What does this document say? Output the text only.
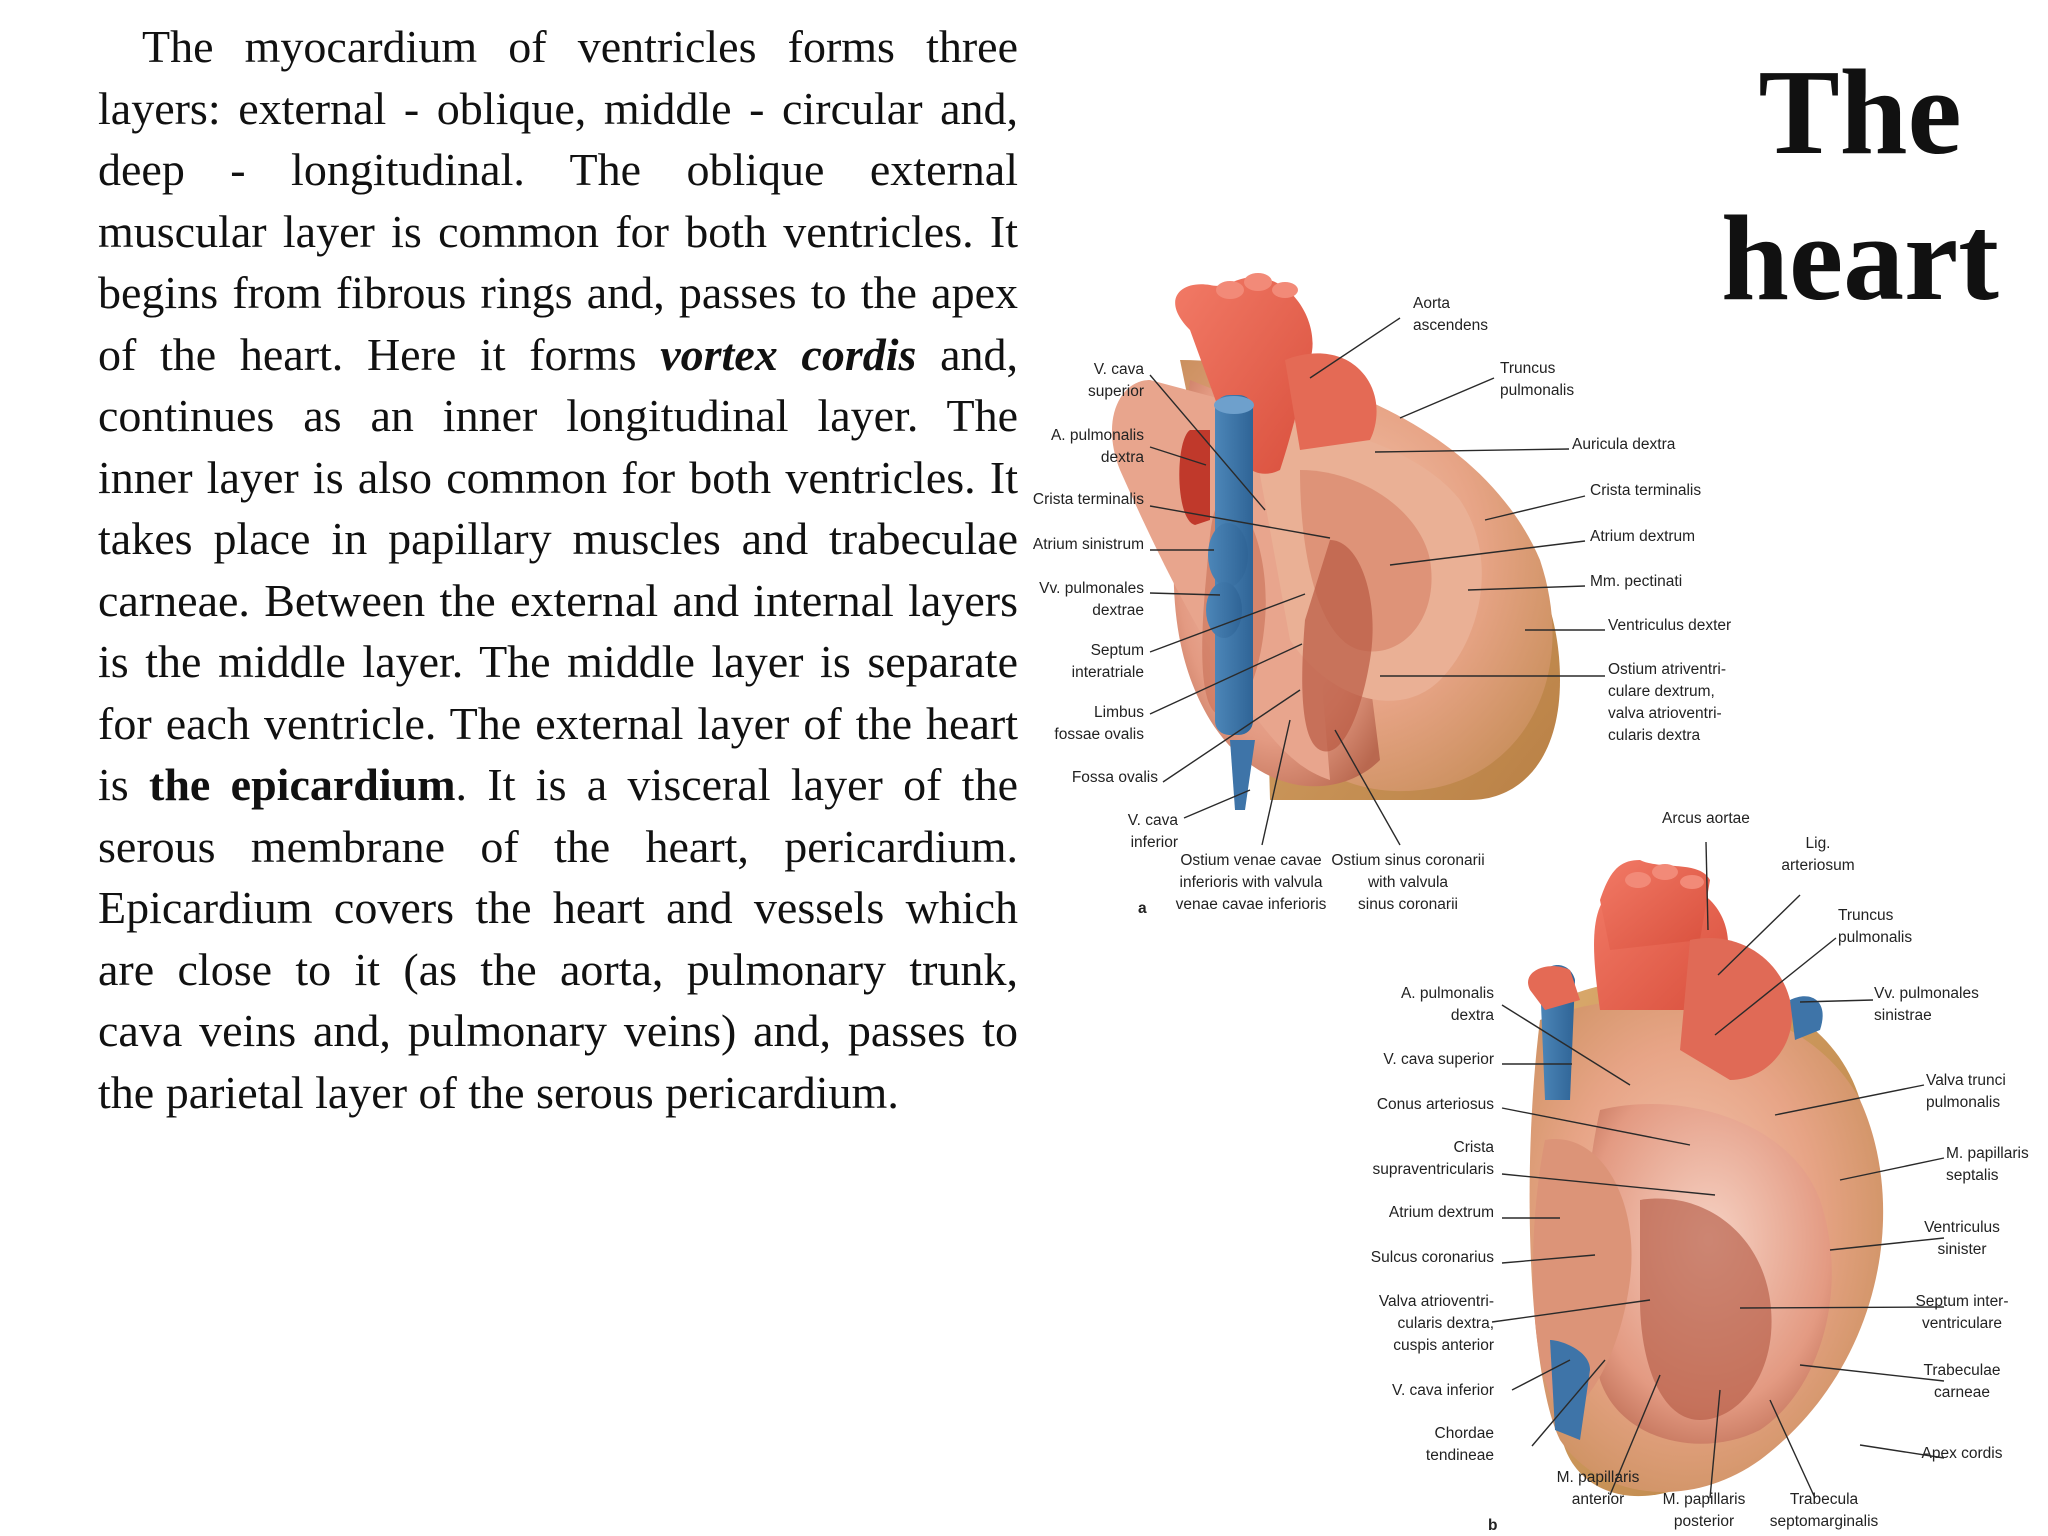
The myocardium of ventricles forms three layers: external - oblique, middle - circular and, deep - longitudinal. The oblique external muscular layer is common for both ventricles. It begins from fibrous rings and, passes to the apex of the heart. Here it forms vortex cordis and, continues as an inner longitudinal layer. The inner layer is also common for both ventricles. It takes place in papillary muscles and trabeculae carneae. Between the external and internal layers is the middle layer. The middle layer is separate for each ventricle. The external layer of the heart is the epicardium. It is a visceral layer of the serous membrane of the heart, pericardium. Epicardium covers the heart and vessels which are close to it (as the aorta, pulmonary trunk, cava veins and, pulmonary veins) and, passes to the parietal layer of the serous pericardium.

The heart
Aorta ascendens
V. cava superior
Truncus pulmonalis
A. pulmonalis dextra
Auricula dextra
Crista terminalis
Crista terminalis
Atrium sinistrum	Atrium dextrum
Vv. pulmonales dextrae
Mm. pectinati
Ventriculus dexter
Septum interatriale	Ostium atriventri-culare dextrum, valva atrioventri-cularis dextra
Limbus fossae ovalis
Fossa ovalis
V. cava inferior
Ostium venae cavae inferioris with valvula venae cavae inferioris
Ostium sinus coronarii with valvula sinus coronarii
Arcus aortae
Lig. arteriosum
Truncus pulmonalis
A. pulmonalis dextra
Vv. pulmonales sinistrae
V. cava superior
Valva trunci pulmonalis
Conus arteriosus
Crista supraventricularis
M. papillaris septalis
Atrium dextrum
Ventriculus sinister
Sulcus coronarius
Valva atrioventri-cularis dextra, cuspis anterior
Septum inter-ventriculare
Trabeculae carneae
V. cava inferior
Apex cordis
Chordae tendineae
M. papillaris anterior	M. papillaris posterior
Trabecula septomarginalis
a
b
